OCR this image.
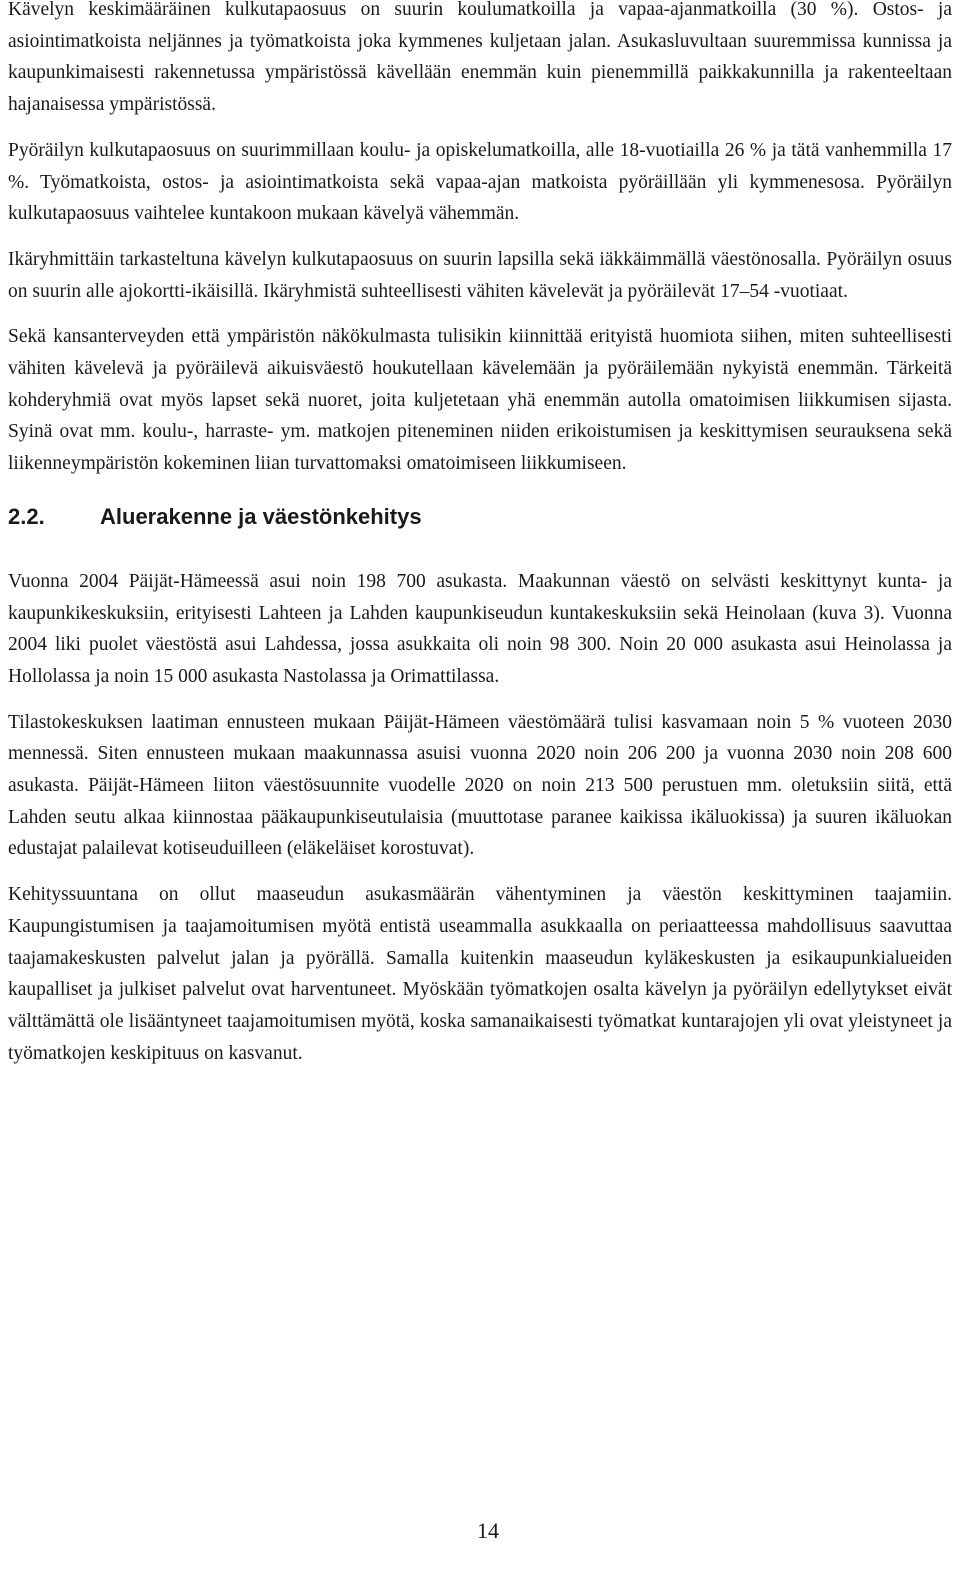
Kävelyn keskimääräinen kulkutapaosuus on suurin koulumatkoilla ja vapaa-ajanmatkoilla (30 %). Ostos- ja asiointimatkoista neljännes ja työmatkoista joka kymmenes kuljetaan jalan. Asukasluvultaan suuremmissa kunnissa ja kaupunkimaisesti rakennetussa ympäristössä kävellään enemmän kuin pienemmillä paikkakunnilla ja rakenteeltaan hajanaisessa ympäristössä.

Pyöräilyn kulkutapaosuus on suurimmillaan koulu- ja opiskelumatkoilla, alle 18-vuotiailla 26 % ja tätä vanhemmilla 17 %. Työmatkoista, ostos- ja asiointimatkoista sekä vapaa-ajan matkoista pyöräillään yli kymmenesosa. Pyöräilyn kulkutapaosuus vaihtelee kuntakoon mukaan kävelyä vähemmän.

Ikäryhmittäin tarkasteltuna kävelyn kulkutapaosuus on suurin lapsilla sekä iäkkäimmällä väestönosalla. Pyöräilyn osuus on suurin alle ajokortti-ikäisillä. Ikäryhmistä suhteellisesti vähiten kävelevät ja pyöräilevät 17–54 -vuotiaat.

Sekä kansanterveyden että ympäristön näkökulmasta tulisikin kiinnittää erityistä huomiota siihen, miten suhteellisesti vähiten kävelevä ja pyöräilevä aikuisväestö houkutellaan kävelemään ja pyöräilemään nykyistä enemmän. Tärkeitä kohderyhmiä ovat myös lapset sekä nuoret, joita kuljetetaan yhä enemmän autolla omatoimisen liikkumisen sijasta. Syinä ovat mm. koulu-, harraste- ym. matkojen piteneminen niiden erikoistumisen ja keskittymisen seurauksena sekä liikenneympäristön kokeminen liian turvattomaksi omatoimiseen liikkumiseen.

2.2.	Aluerakenne ja väestönkehitys

Vuonna 2004 Päijät-Hämeessä asui noin 198 700 asukasta. Maakunnan väestö on selvästi keskittynyt kunta- ja kaupunkikeskuksiin, erityisesti Lahteen ja Lahden kaupunkiseudun kuntakeskuksiin sekä Heinolaan (kuva 3). Vuonna 2004 liki puolet väestöstä asui Lahdessa, jossa asukkaita oli noin 98 300. Noin 20 000 asukasta asui Heinolassa ja Hollolassa ja noin 15 000 asukasta Nastolassa ja Orimattilassa.

Tilastokeskuksen laatiman ennusteen mukaan Päijät-Hämeen väestömäärä tulisi kasvamaan noin 5 % vuoteen 2030 mennessä. Siten ennusteen mukaan maakunnassa asuisi vuonna 2020 noin 206 200 ja vuonna 2030 noin 208 600 asukasta. Päijät-Hämeen liiton väestösuunnite vuodelle 2020 on noin 213 500 perustuen mm. oletuksiin siitä, että Lahden seutu alkaa kiinnostaa pääkaupunkiseutulaisia (muuttotase paranee kaikissa ikäluokissa) ja suuren ikäluokan edustajat palailevat kotiseuduilleen (eläkeläiset korostuvat).

Kehityssuuntana on ollut maaseudun asukasmäärän vähentyminen ja väestön keskittyminen taajamiin. Kaupungistumisen ja taajamoitumisen myötä entistä useammalla asukkaalla on periaatteessa mahdollisuus saavuttaa taajamakeskusten palvelut jalan ja pyörällä. Samalla kuitenkin maaseudun kyläkeskusten ja esikaupunkialueiden kaupalliset ja julkiset palvelut ovat harventuneet. Myöskään työmatkojen osalta kävelyn ja pyöräilyn edellytykset eivät välttämättä ole lisääntyneet taajamoitumisen myötä, koska samanaikaisesti työmatkat kuntarajojen yli ovat yleistyneet ja työmatkojen keskipituus on kasvanut.

14
